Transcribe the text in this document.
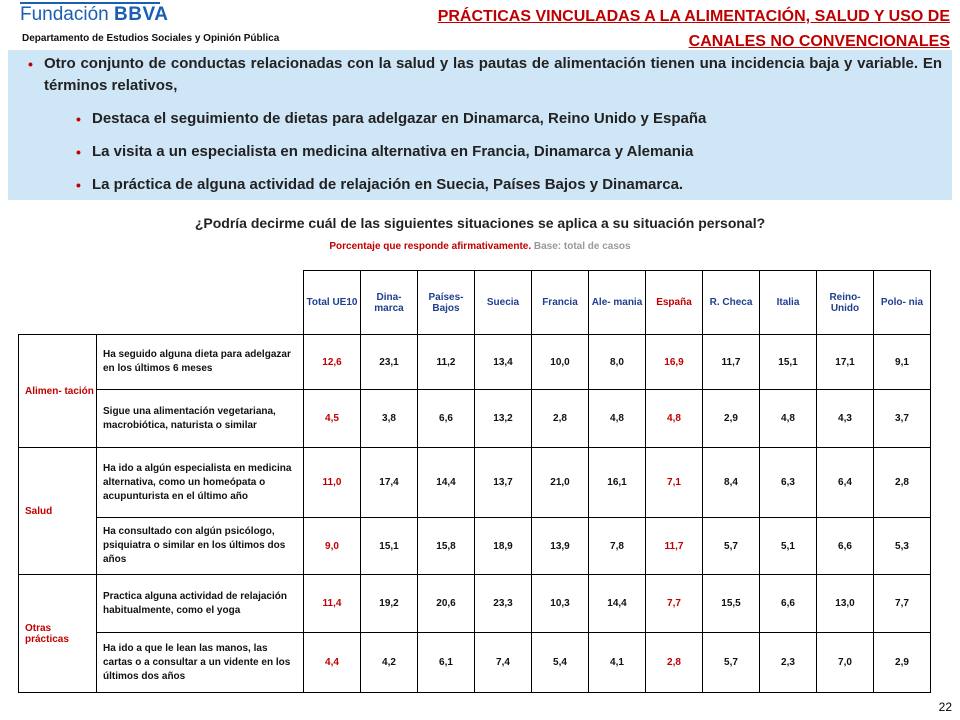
Fundación BBVA
Departamento de Estudios Sociales y Opinión Pública
PRÁCTICAS VINCULADAS A LA ALIMENTACIÓN, SALUD Y USO DE CANALES NO CONVENCIONALES
• Otro conjunto de conductas relacionadas con la salud y las pautas de alimentación tienen una incidencia baja y variable. En términos relativos,
• Destaca el seguimiento de dietas para adelgazar en Dinamarca, Reino Unido y España
• La visita a un especialista en medicina alternativa en Francia, Dinamarca y Alemania
• La práctica de alguna actividad de relajación en Suecia, Países Bajos y Dinamarca.
¿Podría decirme cuál de las siguientes situaciones se aplica a su situación personal?
Porcentaje que responde afirmativamente. Base: total de casos
		Total UE10	Dina- marca	Países- Bajos	Suecia	Francia	Ale- mania	España	R. Checa	Italia	Reino- Unido	Polo- nia
Alimen- tación	Ha seguido alguna dieta para adelgazar en los últimos 6 meses	12,6	23,1	11,2	13,4	10,0	8,0	16,9	11,7	15,1	17,1	9,1
	Sigue una alimentación vegetariana, macrobiótica, naturista o similar	4,5	3,8	6,6	13,2	2,8	4,8	4,8	2,9	4,8	4,3	3,7
Salud	Ha ido a algún especialista en medicina alternativa, como un homeópata o acupunturista en el último año	11,0	17,4	14,4	13,7	21,0	16,1	7,1	8,4	6,3	6,4	2,8
	Ha consultado con algún psicólogo, psiquiatra o similar en los últimos dos años	9,0	15,1	15,8	18,9	13,9	7,8	11,7	5,7	5,1	6,6	5,3
Otras prácticas	Practica alguna actividad de relajación habitualmente, como el yoga	11,4	19,2	20,6	23,3	10,3	14,4	7,7	15,5	6,6	13,0	7,7
	Ha ido a que le lean las manos, las cartas o a consultar a un vidente en los últimos dos años	4,4	4,2	6,1	7,4	5,4	4,1	2,8	5,7	2,3	7,0	2,9
22
